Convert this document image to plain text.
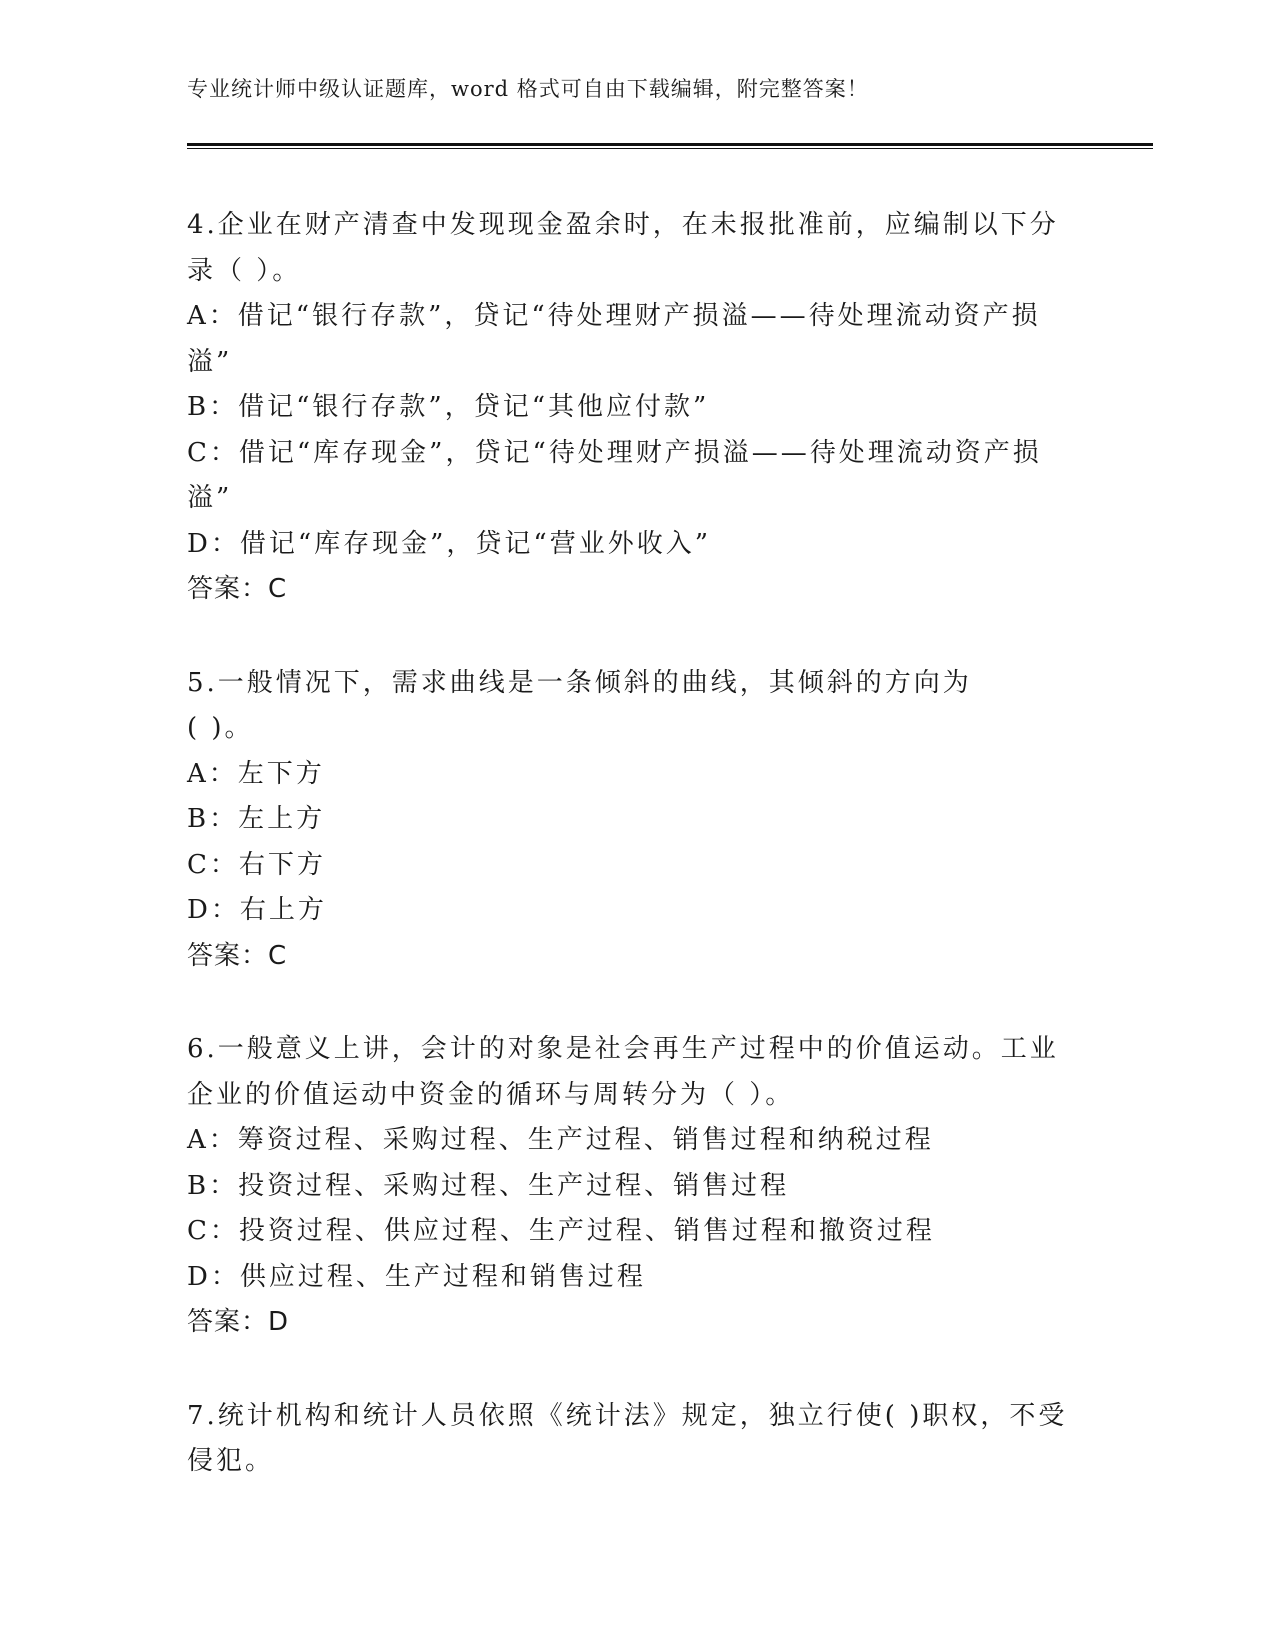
专业统计师中级认证题库，word 格式可自由下载编辑，附完整答案！
4.企业在财产清查中发现现金盈余时，在未报批准前，应编制以下分
录（ ）。
A：借记“银行存款”，贷记“待处理财产损溢——待处理流动资产损
溢”
B：借记“银行存款”，贷记“其他应付款”
C：借记“库存现金”，贷记“待处理财产损溢——待处理流动资产损
溢”
D：借记“库存现金”，贷记“营业外收入”
答案：C
5.一般情况下，需求曲线是一条倾斜的曲线，其倾斜的方向为
( )。
A：左下方
B：左上方
C：右下方
D：右上方
答案：C
6.一般意义上讲，会计的对象是社会再生产过程中的价值运动。工业
企业的价值运动中资金的循环与周转分为（ ）。
A：筹资过程、采购过程、生产过程、销售过程和纳税过程
B：投资过程、采购过程、生产过程、销售过程
C：投资过程、供应过程、生产过程、销售过程和撤资过程
D：供应过程、生产过程和销售过程
答案：D
7.统计机构和统计人员依照《统计法》规定，独立行使( )职权，不受
侵犯。
